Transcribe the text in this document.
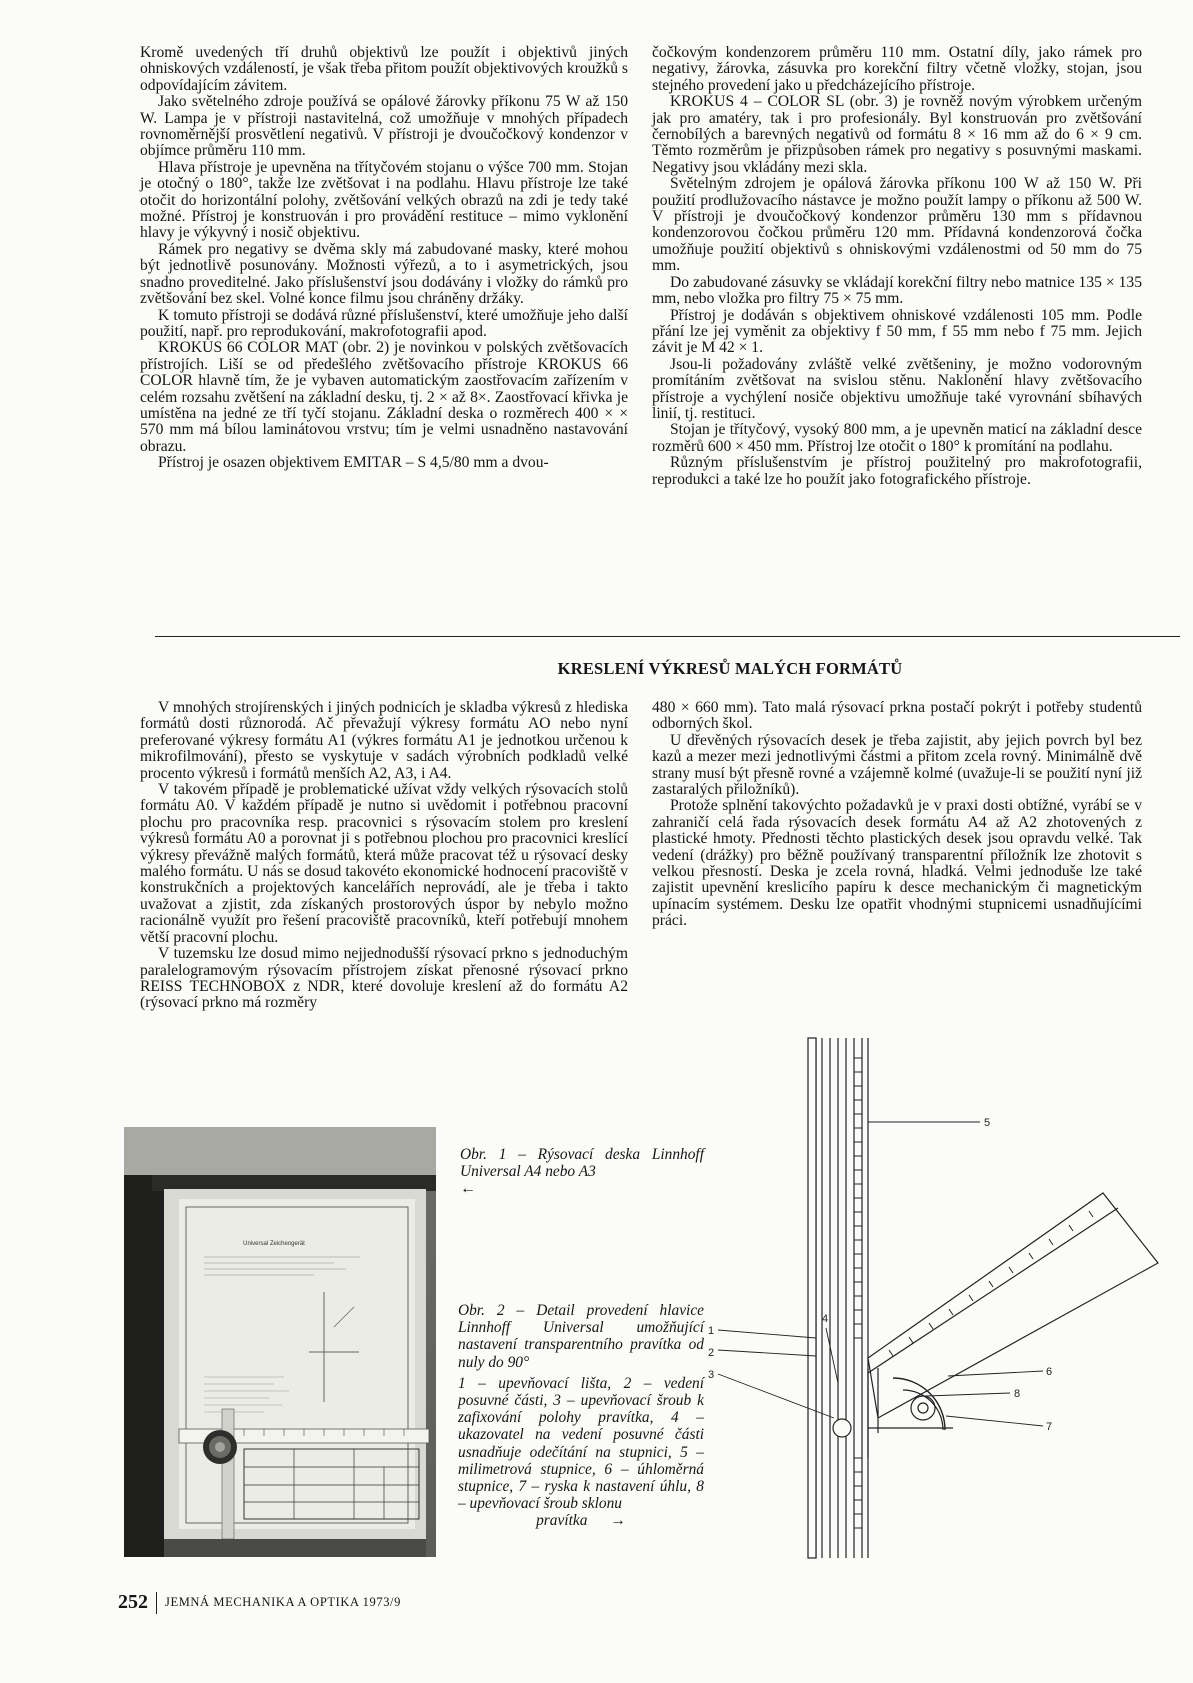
Kromě uvedených tří druhů objektivů lze použít i objektivů jiných ohniskových vzdáleností, je však třeba přitom použít objektivových kroužků s odpovídajícím závitem.

Jako světelného zdroje používá se opálové žárovky příkonu 75 W až 150 W. Lampa je v přístroji nastavitelná, což umožňuje v mnohých případech rovnoměrnější prosvětlení negativů. V přístroji je dvoučočkový kondenzor v objímce průměru 110 mm.

Hlava přístroje je upevněna na třítyčovém stojanu o výšce 700 mm. Stojan je otočný o 180°, takže lze zvětšovat i na podlahu. Hlavu přístroje lze také otočit do horizontální polohy, zvětšování velkých obrazů na zdi je tedy také možné. Přístroj je konstruován i pro provádění restituce – mimo vyklonění hlavy je výkyvný i nosič objektivu.

Rámek pro negativy se dvěma skly má zabudované masky, které mohou být jednotlivě posunovány. Možnosti výřezů, a to i asymetrických, jsou snadno proveditelné. Jako příslušenství jsou dodávány i vložky do rámků pro zvětšování bez skel. Volné konce filmu jsou chráněny držáky.

K tomuto přístroji se dodává různé příslušenství, které umožňuje jeho další použití, např. pro reprodukování, makrofotografii apod.

KROKUS 66 COLOR MAT (obr. 2) je novinkou v polských zvětšovacích přístrojích. Liší se od předešlého zvětšovacího přístroje KROKUS 66 COLOR hlavně tím, že je vybaven automatickým zaostřovacím zařízením v celém rozsahu zvětšení na základní desku, tj. 2 × až 8×. Zaostřovací křivka je umístěna na jedné ze tří tyčí stojanu. Základní deska o rozměrech 400 × × 570 mm má bílou laminátovou vrstvu; tím je velmi usnadněno nastavování obrazu.

Přístroj je osazen objektivem EMITAR – S 4,5/80 mm a dvou-

čočkovým kondenzorem průměru 110 mm. Ostatní díly, jako rámek pro negativy, žárovka, zásuvka pro korekční filtry včetně vložky, stojan, jsou stejného provedení jako u předcházejícího přístroje.

KROKUS 4 – COLOR SL (obr. 3) je rovněž novým výrobkem určeným jak pro amatéry, tak i pro profesionály. Byl konstruován pro zvětšování černobílých a barevných negativů od formátu 8 × 16 mm až do 6 × 9 cm. Těmto rozměrům je přizpůsoben rámek pro negativy s posuvnými maskami. Negativy jsou vkládány mezi skla.

Světelným zdrojem je opálová žárovka příkonu 100 W až 150 W. Při použití prodlužovacího nástavce je možno použít lampy o příkonu až 500 W. V přístroji je dvoučočkový kondenzor průměru 130 mm s přídavnou kondenzorovou čočkou průměru 120 mm. Přídavná kondenzorová čočka umožňuje použití objektivů s ohniskovými vzdálenostmi od 50 mm do 75 mm.

Do zabudované zásuvky se vkládají korekční filtry nebo matnice 135 × 135 mm, nebo vložka pro filtry 75 × 75 mm.

Přístroj je dodáván s objektivem ohniskové vzdálenosti 105 mm. Podle přání lze jej vyměnit za objektivy f 50 mm, f 55 mm nebo f 75 mm. Jejich závit je M 42 × 1.

Jsou-li požadovány zvláště velké zvětšeniny, je možno vodorovným promítáním zvětšovat na svislou stěnu. Naklonění hlavy zvětšovacího přístroje a vychýlení nosiče objektivu umožňuje také vyrovnání sbíhavých linií, tj. restituci.

Stojan je třítyčový, vysoký 800 mm, a je upevněn maticí na základní desce rozměrů 600 × 450 mm. Přístroj lze otočit o 180° k promítání na podlahu.

Různým příslušenstvím je přístroj použitelný pro makrofotografii, reprodukci a také lze ho použít jako fotografického přístroje.

KRESLENÍ VÝKRESŮ MALÝCH FORMÁTŮ

V mnohých strojírenských i jiných podnicích je skladba výkresů z hlediska formátů dosti různorodá. Ač převažují výkresy formátu AO nebo nyní preferované výkresy formátu A1 (výkres formátu A1 je jednotkou určenou k mikrofilmování), přesto se vyskytuje v sadách výrobních podkladů velké procento výkresů i formátů menších A2, A3, i A4.

V takovém případě je problematické užívat vždy velkých rýsovacích stolů formátu A0. V každém případě je nutno si uvědomit i potřebnou pracovní plochu pro pracovníka resp. pracovnici s rýsovacím stolem pro kreslení výkresů formátu A0 a porovnat ji s potřebnou plochou pro pracovnici kreslící výkresy převážně malých formátů, která může pracovat též u rýsovací desky malého formátu. U nás se dosud takovéto ekonomické hodnocení pracoviště v konstrukčních a projektových kancelářích neprovádí, ale je třeba i takto uvažovat a zjistit, zda získaných prostorových úspor by nebylo možno racionálně využít pro řešení pracoviště pracovníků, kteří potřebují mnohem větší pracovní plochu.

V tuzemsku lze dosud mimo nejjednodušší rýsovací prkno s jednoduchým paralelogramovým rýsovacím přístrojem získat přenosné rýsovací prkno REISS TECHNOBOX z NDR, které dovoluje kreslení až do formátu A2 (rýsovací prkno má rozměry

480 × 660 mm). Tato malá rýsovací prkna postačí pokrýt i potřeby studentů odborných škol.

U dřevěných rýsovacích desek je třeba zajistit, aby jejich povrch byl bez kazů a mezer mezi jednotlivými částmi a přitom zcela rovný. Minimálně dvě strany musí být přesně rovné a vzájemně kolmé (uvažuje-li se použití nyní již zastaralých přiložníků).

Protože splnění takovýchto požadavků je v praxi dosti obtížné, vyrábí se v zahraničí celá řada rýsovacích desek formátu A4 až A2 zhotovených z plastické hmoty. Přednosti těchto plastických desek jsou opravdu velké. Tak vedení (drážky) pro běžně používaný transparentní příložník lze zhotovit s velkou přesností. Deska je zcela rovná, hladká. Velmi jednoduše lze také zajistit upevnění kreslicího papíru k desce mechanickým či magnetickým upínacím systémem. Desku lze opatřit vhodnými stupnicemi usnadňujícími práci.

Universal Zeichengerät
Obr. 1 – Rýsovací deska Linnhoff Universal A4 nebo A3
←
Obr. 2 – Detail provedení hlavice Linnhoff Universal umožňující nastavení transparentního pravítka od nuly do 90°
1 – upevňovací lišta, 2 – vedení posuvné části, 3 – upevňovací šroub k zafixování polohy pravítka, 4 – ukazovatel na vedení posuvné části usnadňuje odečítání na stupnici, 5 – milimetrová stupnice, 6 – úhloměrná stupnice, 7 – ryska k nastavení úhlu, 8 – upevňovací šroub sklonu
pravítka →
1
2
3
4
5
6
7
8
252 JEMNÁ MECHANIKA A OPTIKA 1973/9
